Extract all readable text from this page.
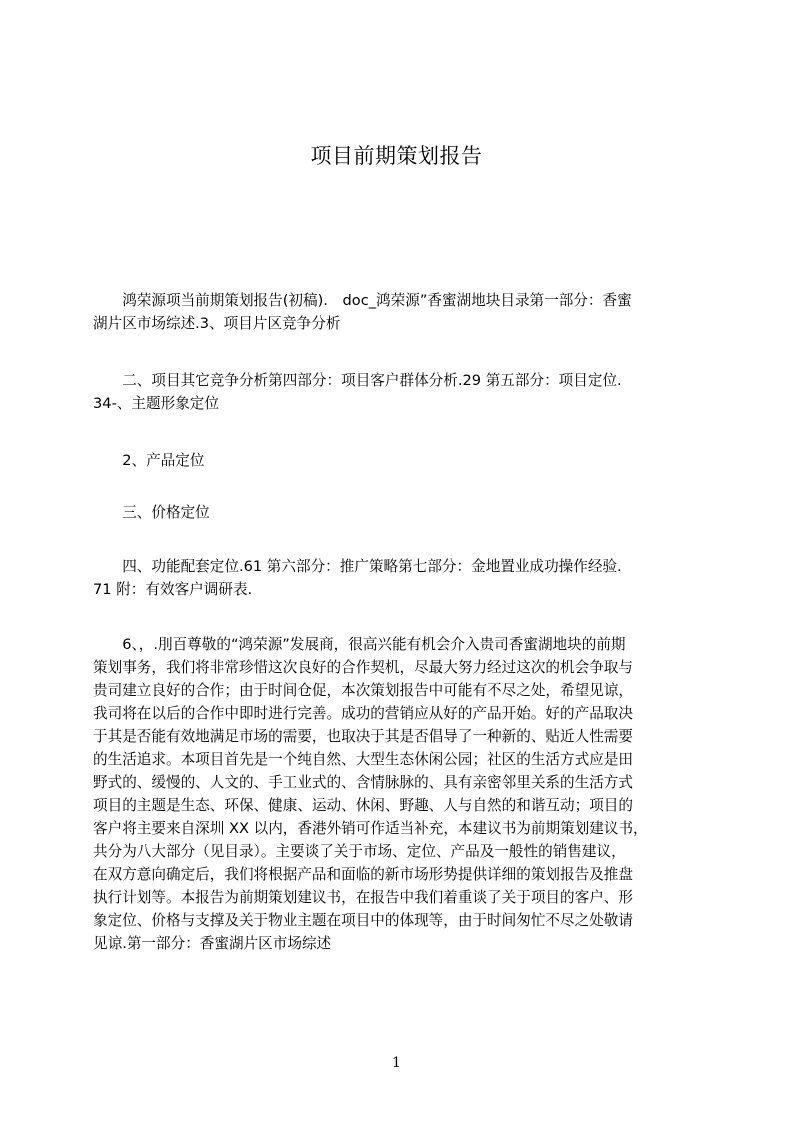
项目前期策划报告
　　鸿荣源项当前期策划报告(初稿).　doc_鸿荣源”香蜜湖地块目录第一部分：香蜜
湖片区市场综述.3、项目片区竞争分析
　　二、项目其它竞争分析第四部分：项目客户群体分析.29 第五部分：项目定位.
34-、主题形象定位
　　2、产品定位
　　三、价格定位
　　四、功能配套定位.61 第六部分：推广策略第七部分：金地置业成功操作经验.
71 附：有效客户调研表.
　　6、，.刖百尊敬的“鸿荣源”发展商，很高兴能有机会介入贵司香蜜湖地块的前期
策划事务，我们将非常珍惜这次良好的合作契机，尽最大努力经过这次的机会争取与
贵司建立良好的合作；由于时间仓促，本次策划报告中可能有不尽之处，希望见谅，
我司将在以后的合作中即时进行完善。成功的营销应从好的产品开始。好的产品取决
于其是否能有效地满足市场的需要，也取决于其是否倡导了一种新的、贴近人性需要
的生活追求。本项目首先是一个纯自然、大型生态休闲公园；社区的生活方式应是田
野式的、缓慢的、人文的、手工业式的、含情脉脉的、具有亲密邻里关系的生活方式
项目的主题是生态、环保、健康、运动、休闲、野趣、人与自然的和谐互动；项目的
客户将主要来自深圳 XX 以内，香港外销可作适当补充，本建议书为前期策划建议书，
共分为八大部分（见目录）。主要谈了关于市场、定位、产品及一般性的销售建议，
在双方意向确定后，我们将根据产品和面临的新市场形势提供详细的策划报告及推盘
执行计划等。本报告为前期策划建议书，在报告中我们着重谈了关于项目的客户、形
象定位、价格与支撑及关于物业主题在项目中的体现等，由于时间匆忙不尽之处敬请
见谅.第一部分：香蜜湖片区市场综述
1
